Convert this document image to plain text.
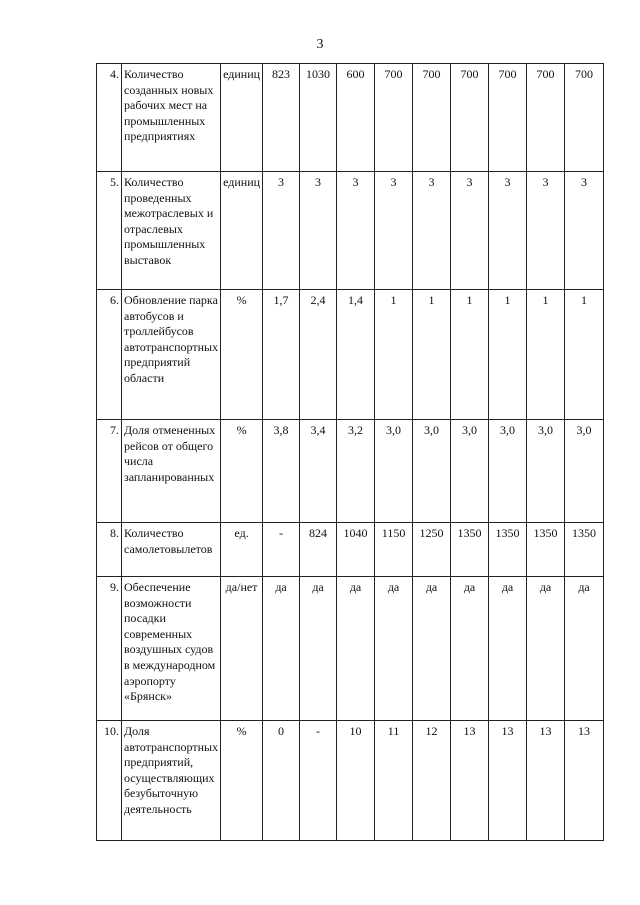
3
4.	Количество созданных новых рабочих мест на промышленных предприятиях	единиц	823	1030	600	700	700	700	700	700	700
5.	Количество проведенных межотраслевых и отраслевых промышленных выставок	единиц	3	3	3	3	3	3	3	3	3
6.	Обновление парка автобусов и троллейбусов автотранспортных предприятий области	%	1,7	2,4	1,4	1	1	1	1	1	1
7.	Доля отмененных рейсов от общего числа запланированных	%	3,8	3,4	3,2	3,0	3,0	3,0	3,0	3,0	3,0
8.	Количество самолетовылетов	ед.	-	824	1040	1150	1250	1350	1350	1350	1350
9.	Обеспечение возможности посадки современных воздушных судов в международном аэропорту «Брянск»	да/нет	да	да	да	да	да	да	да	да	да
10.	Доля автотранспортных предприятий, осуществляющих безубыточную деятельность	%	0	-	10	11	12	13	13	13	13
